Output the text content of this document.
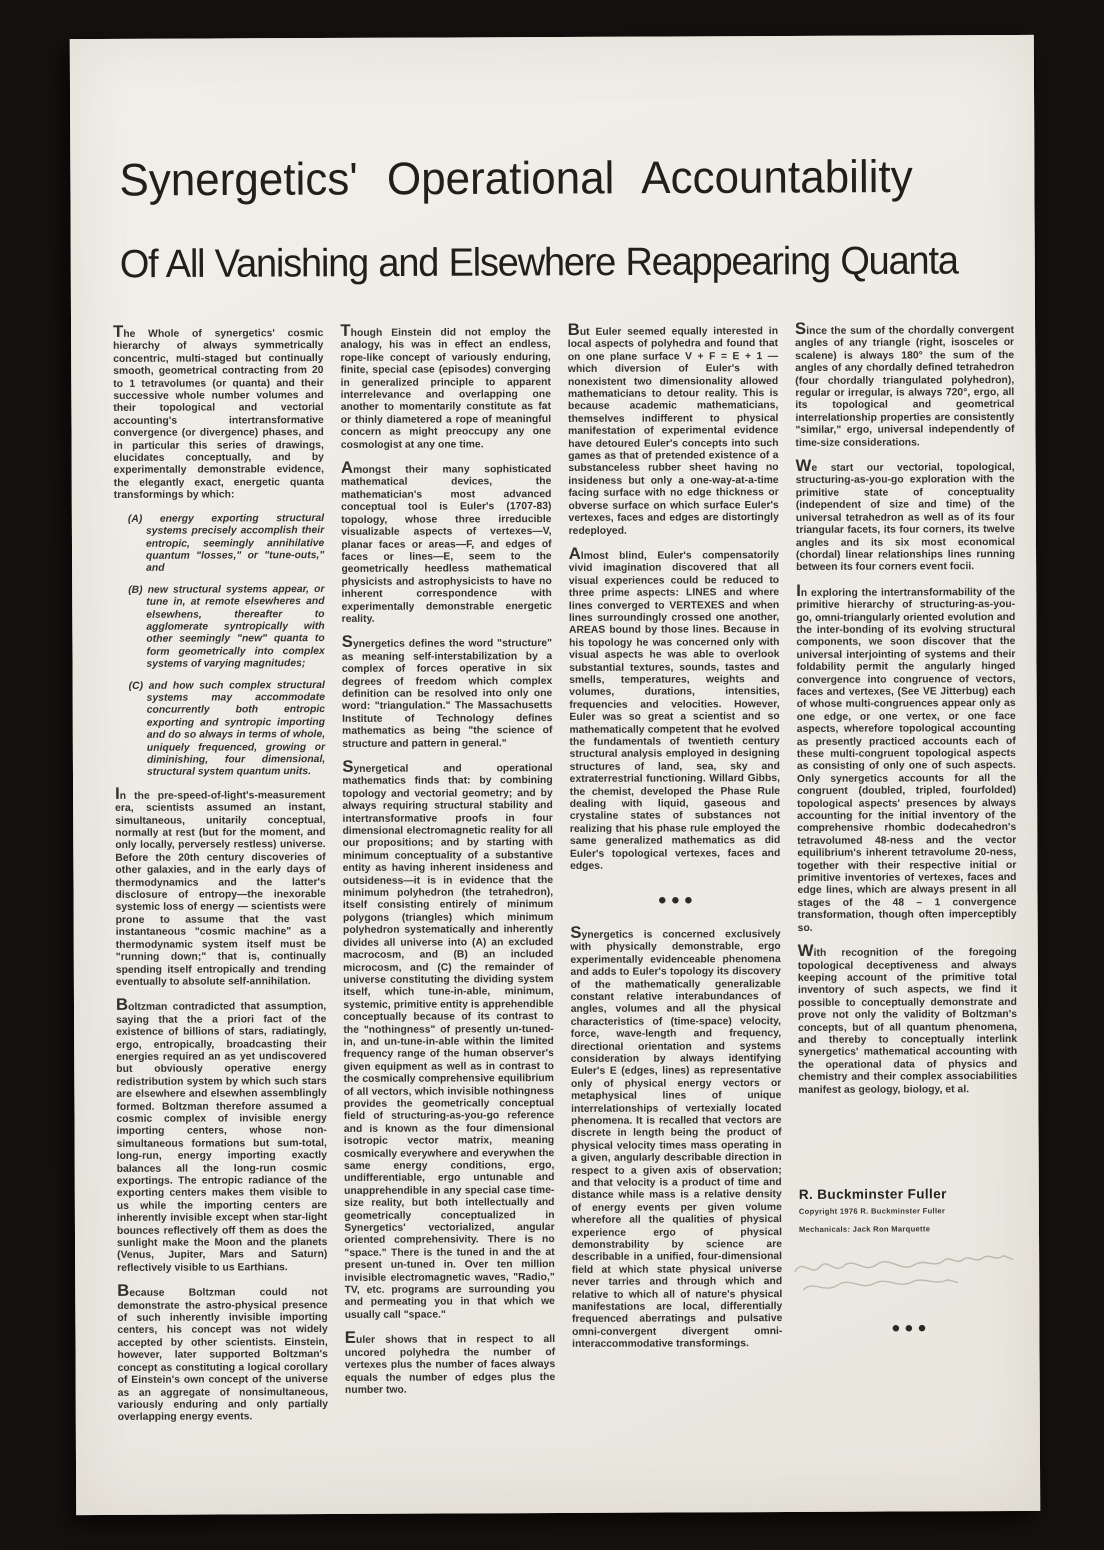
Synergetics' Operational Accountability
Of All Vanishing and Elsewhere Reappearing Quanta

The Whole of synergetics' cosmic hierarchy of always symmetrically concentric, multi-staged but continually smooth, geometrical contracting from 20 to 1 tetravolumes (or quanta) and their successive whole number volumes and their topological and vectorial accounting's intertransformative convergence (or divergence) phases, and in particular this series of drawings, elucidates conceptually, and by experimentally demonstrable evidence, the elegantly exact, energetic quanta transformings by which:

(A) energy exporting structural systems precisely accomplish their entropic, seemingly annihilative quantum "losses," or "tune-outs," and

(B) new structural systems appear, or tune in, at remote elsewheres and elsewhens, thereafter to agglomerate syntropically with other seemingly "new" quanta to form geometrically into complex systems of varying magnitudes;

(C) and how such complex structural systems may accommodate concurrently both entropic exporting and syntropic importing and do so always in terms of whole, uniquely frequenced, growing or diminishing, four dimensional, structural system quantum units.

In the pre-speed-of-light's-measurement era, scientists assumed an instant, simultaneous, unitarily conceptual, normally at rest (but for the moment, and only locally, perversely restless) universe. Before the 20th century discoveries of other galaxies, and in the early days of thermodynamics and the latter's disclosure of entropy—the inexorable systemic loss of energy — scientists were prone to assume that the vast instantaneous "cosmic machine" as a thermodynamic system itself must be "running down;" that is, continually spending itself entropically and trending eventually to absolute self-annihilation.

Boltzman contradicted that assumption, saying that the a priori fact of the existence of billions of stars, radiatingly, ergo, entropically, broadcasting their energies required an as yet undiscovered but obviously operative energy redistribution system by which such stars are elsewhere and elsewhen assemblingly formed. Boltzman therefore assumed a cosmic complex of invisible energy importing centers, whose non-simultaneous formations but sum-total, long-run, energy importing exactly balances all the long-run cosmic exportings. The entropic radiance of the exporting centers makes them visible to us while the importing centers are inherently invisible except when star-light bounces reflectively off them as does the sunlight make the Moon and the planets (Venus, Jupiter, Mars and Saturn) reflectively visible to us Earthians.

Because Boltzman could not demonstrate the astro-physical presence of such inherently invisible importing centers, his concept was not widely accepted by other scientists. Einstein, however, later supported Boltzman's concept as constituting a logical corollary of Einstein's own concept of the universe as an aggregate of nonsimultaneous, variously enduring and only partially overlapping energy events.

Though Einstein did not employ the analogy, his was in effect an endless, rope-like concept of variously enduring, finite, special case (episodes) converging in generalized principle to apparent interrelevance and overlapping one another to momentarily constitute as fat or thinly diametered a rope of meaningful concern as might preoccupy any one cosmologist at any one time.

Amongst their many sophisticated mathematical devices, the mathematician's most advanced conceptual tool is Euler's (1707-83) topology, whose three irreducible visualizable aspects of vertexes—V, planar faces or areas—F, and edges of faces or lines—E, seem to the geometrically heedless mathematical physicists and astrophysicists to have no inherent correspondence with experimentally demonstrable energetic reality.

Synergetics defines the word "structure" as meaning self-interstabilization by a complex of forces operative in six degrees of freedom which complex definition can be resolved into only one word: "triangulation." The Massachusetts Institute of Technology defines mathematics as being "the science of structure and pattern in general."

Synergetical and operational mathematics finds that: by combining topology and vectorial geometry; and by always requiring structural stability and intertransformative proofs in four dimensional electromagnetic reality for all our propositions; and by starting with minimum conceptuality of a substantive entity as having inherent insideness and outsideness—it is in evidence that the minimum polyhedron (the tetrahedron), itself consisting entirely of minimum polygons (triangles) which minimum polyhedron systematically and inherently divides all universe into (A) an excluded macrocosm, and (B) an included microcosm, and (C) the remainder of universe constituting the dividing system itself, which tune-in-able, minimum, systemic, primitive entity is apprehendible conceptually because of its contrast to the "nothingness" of presently un-tuned-in, and un-tune-in-able within the limited frequency range of the human observer's given equipment as well as in contrast to the cosmically comprehensive equilibrium of all vectors, which invisible nothingness provides the geometrically conceptual field of structuring-as-you-go reference and is known as the four dimensional isotropic vector matrix, meaning cosmically everywhere and everywhen the same energy conditions, ergo, undifferentiable, ergo untunable and unapprehendible in any special case time-size reality, but both intellectually and geometrically conceptualized in Synergetics' vectorialized, angular oriented comprehensivity. There is no "space." There is the tuned in and the at present un-tuned in. Over ten million invisible electromagnetic waves, "Radio," TV, etc. programs are surrounding you and permeating you in that which we usually call "space."

Euler shows that in respect to all uncored polyhedra the number of vertexes plus the number of faces always equals the number of edges plus the number two.

But Euler seemed equally interested in local aspects of polyhedra and found that on one plane surface V + F = E + 1 —which diversion of Euler's with nonexistent two dimensionality allowed mathematicians to detour reality. This is because academic mathematicians, themselves indifferent to physical manifestation of experimental evidence have detoured Euler's concepts into such games as that of pretended existence of a substanceless rubber sheet having no insideness but only a one-way-at-a-time facing surface with no edge thickness or obverse surface on which surface Euler's vertexes, faces and edges are distortingly redeployed.

Almost blind, Euler's compensatorily vivid imagination discovered that all visual experiences could be reduced to three prime aspects: LINES and where lines converged to VERTEXES and when lines surroundingly crossed one another, AREAS bound by those lines. Because in his topology he was concerned only with visual aspects he was able to overlook substantial textures, sounds, tastes and smells, temperatures, weights and volumes, durations, intensities, frequencies and velocities. However, Euler was so great a scientist and so mathematically competent that he evolved the fundamentals of twentieth century structural analysis employed in designing structures of land, sea, sky and extraterrestrial functioning. Willard Gibbs, the chemist, developed the Phase Rule dealing with liquid, gaseous and crystaline states of substances not realizing that his phase rule employed the same generalized mathematics as did Euler's topological vertexes, faces and edges.

●●●

Synergetics is concerned exclusively with physically demonstrable, ergo experimentally evidenceable phenomena and adds to Euler's topology its discovery of the mathematically generalizable constant relative interabundances of angles, volumes and all the physical characteristics of (time-space) velocity, force, wave-length and frequency, directional orientation and systems consideration by always identifying Euler's E (edges, lines) as representative only of physical energy vectors or metaphysical lines of unique interrelationships of vertexially located phenomena. It is recalled that vectors are discrete in length being the product of physical velocity times mass operating in a given, angularly describable direction in respect to a given axis of observation; and that velocity is a product of time and distance while mass is a relative density of energy events per given volume wherefore all the qualities of physical experience ergo of physical demonstrability by science are describable in a unified, four-dimensional field at which state physical universe never tarries and through which and relative to which all of nature's physical manifestations are local, differentially frequenced aberratings and pulsative omni-convergent divergent omni-interaccommodative transformings.

Since the sum of the chordally convergent angles of any triangle (right, isosceles or scalene) is always 180° the sum of the angles of any chordally defined tetrahedron (four chordally triangulated polyhedron), regular or irregular, is always 720°, ergo, all its topological and geometrical interrelationship properties are consistently "similar," ergo, universal independently of time-size considerations.

We start our vectorial, topological, structuring-as-you-go exploration with the primitive state of conceptuality (independent of size and time) of the universal tetrahedron as well as of its four triangular facets, its four corners, its twelve angles and its six most economical (chordal) linear relationships lines running between its four corners event focii.

In exploring the intertransformability of the primitive hierarchy of structuring-as-you-go, omni-triangularly oriented evolution and the inter-bonding of its evolving structural components, we soon discover that the universal interjointing of systems and their foldability permit the angularly hinged convergence into congruence of vectors, faces and vertexes, (See VE Jitterbug) each of whose multi-congruences appear only as one edge, or one vertex, or one face aspects, wherefore topological accounting as presently practiced accounts each of these multi-congruent topological aspects as consisting of only one of such aspects. Only synergetics accounts for all the congruent (doubled, tripled, fourfolded) topological aspects' presences by always accounting for the initial inventory of the comprehensive rhombic dodecahedron's tetravolumed 48-ness and the vector equilibrium's inherent tetravolume 20-ness, together with their respective initial or primitive inventories of vertexes, faces and edge lines, which are always present in all stages of the 48 – 1 convergence transformation, though often imperceptibly so.

With recognition of the foregoing topological deceptiveness and always keeping account of the primitive total inventory of such aspects, we find it possible to conceptually demonstrate and prove not only the validity of Boltzman's concepts, but of all quantum phenomena, and thereby to conceptually interlink synergetics' mathematical accounting with the operational data of physics and chemistry and their complex associabilities manifest as geology, biology, et al.

R. Buckminster Fuller
Copyright 1976 R. Buckminster Fuller
Mechanicals: Jack Ron Marquette
●●●
